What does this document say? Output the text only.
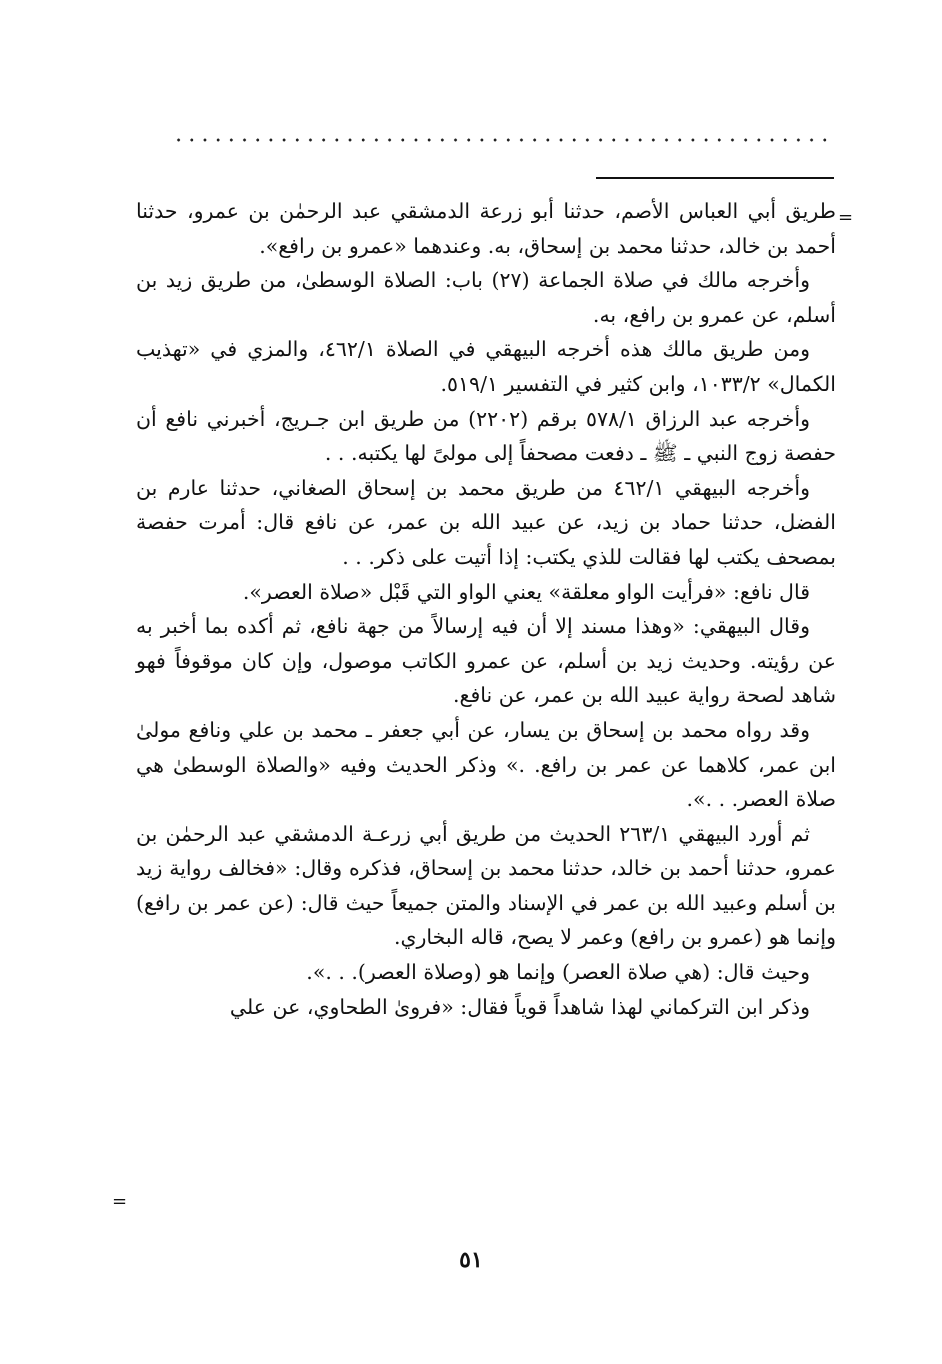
=

طريق أبي العباس الأصم، حدثنا أبو زرعة الدمشقي عبد الرحمٰن بن عمرو، حدثنا أحمد بن خالد، حدثنا محمد بن إسحاق، به. وعندهما «عمرو بن رافع».

وأخرجه مالك في صلاة الجماعة (٢٧) باب: الصلاة الوسطىٰ، من طريق زيد بن أسلم، عن عمرو بن رافع، به.

ومن طريق مالك هذه أخرجه البيهقي في الصلاة ٤٦٢/١، والمزي في «تهذيب الكمال» ١٠٣٣/٢، وابن كثير في التفسير ٥١٩/١.

وأخرجه عبد الرزاق ٥٧٨/١ برقم (٢٢٠٢) من طريق ابن جـريج، أخبرني نافع أن حفصة زوج النبي ـ ﷺ ـ دفعت مصحفاً إلى مولىً لها يكتبه. . .

وأخرجه البيهقي ٤٦٢/١ من طريق محمد بن إسحاق الصغاني، حدثنا عارم بن الفضل، حدثنا حماد بن زيد، عن عبيد الله بن عمر، عن نافع قال: أمرت حفصة بمصحف يكتب لها فقالت للذي يكتب: إذا أتيت على ذكر. . .

قال نافع: «فرأيت الواو معلقة» يعني الواو التي قَبْل «صلاة العصر».

وقال البيهقي: «وهذا مسند إلا أن فيه إرسالاً من جهة نافع، ثم أكده بما أخبر به عن رؤيته. وحديث زيد بن أسلم، عن عمرو الكاتب موصول، وإن كان موقوفاً فهو شاهد لصحة رواية عبيد الله بن عمر، عن نافع.

وقد رواه محمد بن إسحاق بن يسار، عن أبي جعفر ـ محمد بن علي ونافع مولىٰ ابن عمر، كلاهما عن عمر بن رافع. .» وذكر الحديث وفيه «والصلاة الوسطىٰ هي صلاة العصر. . .».

ثم أورد البيهقي ٢٦٣/١ الحديث من طريق أبي زرعـة الدمشقي عبد الرحمٰن بن عمرو، حدثنا أحمد بن خالد، حدثنا محمد بن إسحاق، فذكره وقال: «فخالف رواية زيد بن أسلم وعبيد الله بن عمر في الإسناد والمتن جميعاً حيث قال: (عن عمر بن رافع) وإنما هو (عمرو بن رافع) وعمر لا يصح، قاله البخاري.

وحيث قال: (هي صلاة العصر) وإنما هو (وصلاة العصر). . .».

وذكر ابن التركماني لهذا شاهداً قوياً فقال: «فروىٰ الطحاوي، عن علي

=
٥١
